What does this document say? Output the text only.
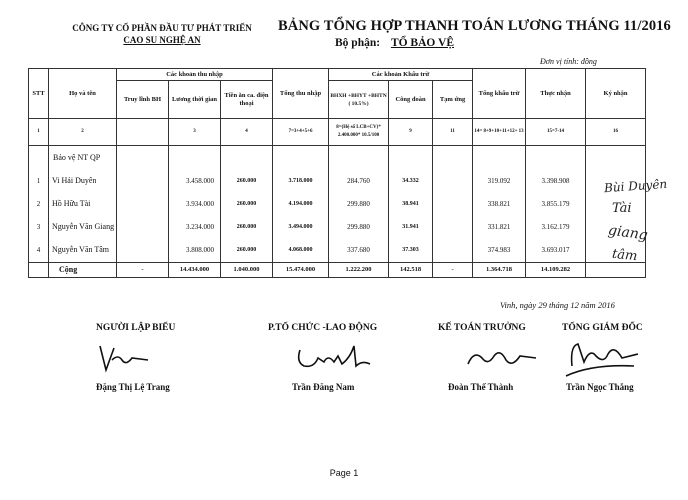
CÔNG TY CỔ PHẦN ĐẦU TƯ PHÁT TRIỂN
CAO SU NGHỆ AN
BẢNG TỔNG HỢP THANH TOÁN LƯƠNG THÁNG 11/2016
Bộ phận: TỔ BẢO VỆ
Đơn vị tính: đồng
STT	Họ và tên	Các khoản thu nhập			Tổng thu nhập	Các khoản Khấu trừ			Tổng khấu trừ	Thực nhận	Ký nhận
		Truy lĩnh BH	Lương thời gian	Tiền ăn ca. điện thoại		BHXH +BHYT +BHTN ( 10.5%)	Công đoàn	Tạm ứng			
1	2		3	4	7=3+4+5+6	8=(Hệ số LCB+CV)* 2.400.000* 10.5/100	9	11	14= 8+9+10+11+12+ 13	15=7-14	16
	Bảo vệ NT QP										
1	Vi Hải Duyên		3.458.000	260.000	3.718.000	284.760	34.332		319.092	3.398.908	
2	Hồ Hữu Tài		3.934.000	260.000	4.194.000	299.880	38.941		338.821	3.855.179	
3	Nguyễn Văn Giang		3.234.000	260.000	3.494.000	299.880	31.941		331.821	3.162.179	
4	Nguyễn Văn Tâm		3.808.000	260.000	4.068.000	337.680	37.303		374.983	3.693.017	
	Cộng	-	14.434.000	1.040.000	15.474.000	1.222.200	142.518	-	1.364.718	14.109.282	
Bùi Duyên
Tài
giang
tâm
Vinh, ngày 29 tháng 12 năm 2016
NGƯỜI LẬP BIỂU	P.TỔ CHỨC -LAO ĐỘNG	KẾ TOÁN TRƯỞNG	TỔNG GIÁM ĐỐC
Đặng Thị Lệ Trang	Trần Đăng Nam	Đoàn Thế Thành	Trần Ngọc Thắng
Page 1
